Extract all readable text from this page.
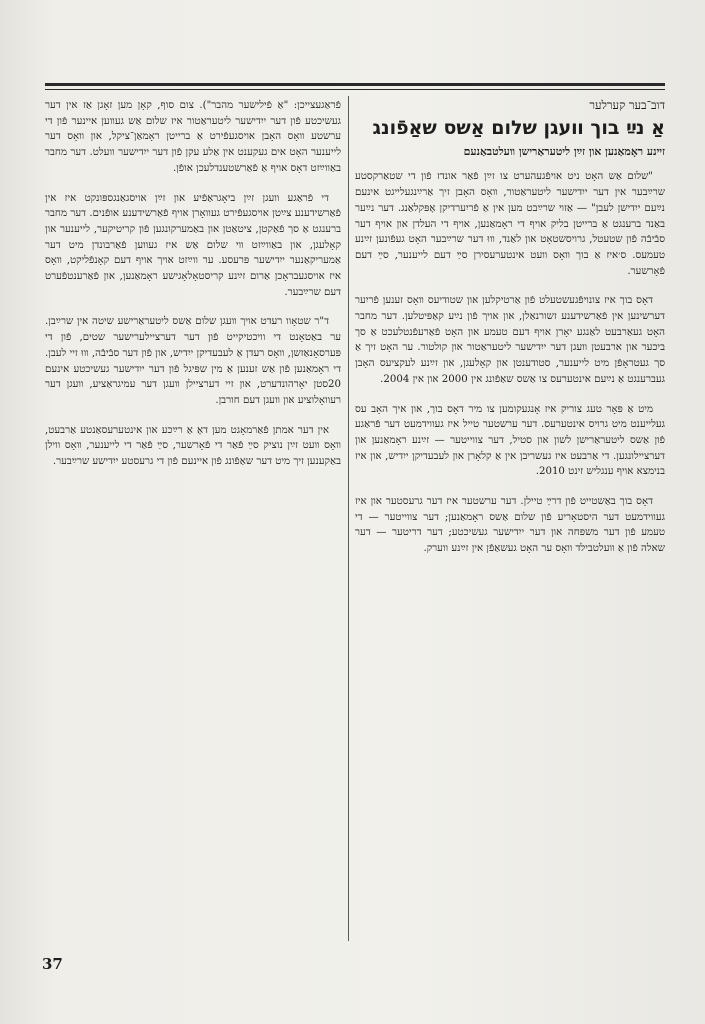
דוב־בער קערלער
אַ נײַ בוך װעגן שלום אַשס שאַפֿונג
זײנע ראָמאַנען און זײַן ליטעראַרישן װעלטבאַנעם

"שלום אַש האָט ניט אויפֿגעהערט צו זײַן פֿאַר אונדז פֿון די שטאַרקסטע שרײַבער אין דער ייִדישער ליטעראַטור, װאָס האָבן זיך אַרײַנגעלייגט אינעם נײַעם ייִדישן לעבן" — אַזױ שרײַבט מען אין אַ פֿריִערדיקן אָפּקלאַנג. דער נײַער באַנד ברענגט אַ ברייטן בליק אויף די ראָמאַנען, אויף די העלדן און אויף דער סבֿיבֿה פֿון שטעטל, גרויסשטאָט און לאַנד, װוּ דער שרײַבער האָט געפֿונען זײַנע טעמעס. ס׳איז אַ בוך װאָס װעט אינטערעסירן סײַ דעם לייענער, סײַ דעם פֿאָרשער.

דאָס בוך איז צונויפֿגעשטעלט פֿון אַרטיקלען און שטודיעס װאָס זענען פֿריִער דערשינען אין פֿאַרשידענע זשורנאַלן, און אויך פֿון נײַע קאַפּיטלען. דער מחבר האָט געאַרבעט לאַנגע יאָרן אויף דעם טעמע און האָט פֿאַרעפֿנטלעכט אַ סך ביכער און ארבעטן װעגן דער ייִדישער ליטעראַטור און קולטור. ער האָט זיך אַ סך געטראָפֿן מיט לייענער, סטודענטן און קאָלעגן, און זײַנע לעקציעס האָבן געברענגט אַ נײַעם אינטערעס צו אַשס שאַפֿונג אין 2000 און אין 2004.

מיט אַ פּאָר טעג צוריק איז אָנגעקומען צו מיר דאָס בוך, און איך האָב עס געלייענט מיט גרויס אינטערעס. דער ערשטער טייל איז געווידמעט דער פֿראַגע פֿון אַשס ליטעראַרישן לשון און סטיל, דער צווייטער — זײַנע ראָמאַנען און דערציילונגען. די אַרבעט איז געשריבן אין אַ קלאָרן און לעבעדיקן ייִדיש, און איז בנימצא אויף ענגליש זינט 2010.

דאָס בוך באַשטייט פֿון דרײַ טיילן. דער ערשטער איז דער גרעסטער און איז געווידמעט דער היסטאָריע פֿון שלום אַשס ראָמאַנען; דער צווייטער — די טעמע פֿון דער משפּחה און דער ייִדישער געשיכטע; דער דריטער — דער שאלה פֿון אַ וועלטבילד װאָס ער האָט געשאַפֿן אין זײַנע ווערק.

פֿראַגעצייכן: "אַ פֿילישער מהבר"). צום סוף, קאָן מען זאָגן אַז אין דער געשיכטע פֿון דער ייִדישער ליטעראַטור איז שלום אַש געווען איינער פֿון די ערשטע װאָס האָבן אויסגעפֿירט אַ ברייטן ראָמאַן־ציקל, און װאָס דער לייענער האָט אים געקענט אין אַלע עקן פֿון דער ייִדישער וועלט. דער מחבר באַווײַזט דאָס אויף אַ פֿאַרשטענדלעכן אופֿן.

די פֿראַגע װעגן זײַן ביאָגראַפֿיע און זײַן אויסגאַנגספּונקט איז אין פֿאַרשידענע צײַטן אויסגעפֿירט געוואָרן אויף פֿאַרשידענע אופֿנים. דער מחבר ברענגט אַ סך פֿאַקטן, ציטאַטן און באַמערקונגען פֿון קריטיקער, לייענער און קאָלעגן, און באַווײַזט װי שלום אַש איז געווען פֿאַרבונדן מיט דער אַמעריקאַנער ייִדישער פּרעסע. ער ווײַזט אויך אויף דעם קאָנפֿליקט, װאָס איז אויסגעבראָכן אַרום זײַנע קריסטאָלאָגישע ראָמאַנען, און פֿאַרענטפֿערט דעם שרײַבער.

ד"ר שטאָוו רעדט אויך װעגן שלום אַשס ליטעראַרישע שיטה אין שרײַבן. ער באַטאָנט די וויכטיקייט פֿון דער דערציילערישער שטים, פֿון די פּערסאָנאַזשן, װאָס רעדן אַ לעבעדיקן ייִדיש, און פֿון דער סבֿיבֿה, װוּ זיי לעבן. די ראָמאַנען פֿון אַש זענען אַ מין שפּיגל פֿון דער ייִדישער געשיכטע אינעם 20סטן יאָרהונדערט, און זיי דערציילן װעגן דער עמיגראַציע, װעגן דער רעוואָלוציע און װעגן דעם חורבן.

אין דער אמתן פֿאַרמאָגט מען דאָ אַ רײַכע און אינטערעסאַנטע אַרבעט, װאָס װעט זײַן נוציק סײַ פֿאַר די פֿאָרשער, סײַ פֿאַר די לייענער, װאָס ווילן באַקענען זיך מיט דער שאַפֿונג פֿון איינעם פֿון די גרעסטע ייִדישע שרײַבער.

37
